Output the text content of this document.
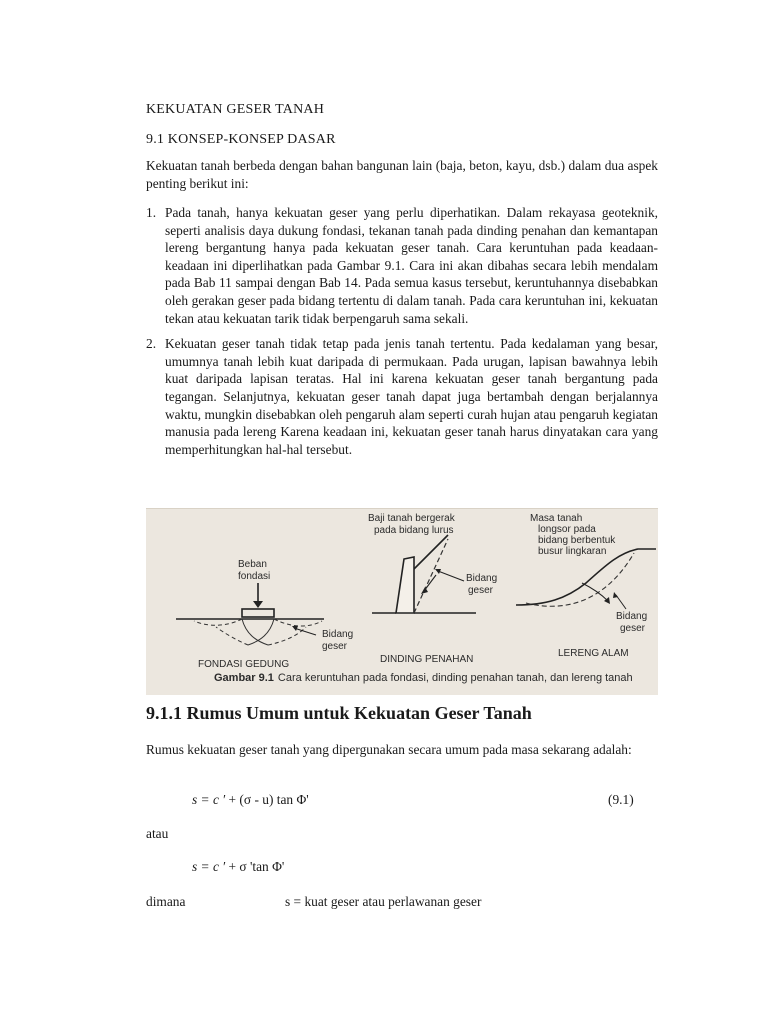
KEKUATAN GESER TANAH
9.1 KONSEP-KONSEP DASAR
Kekuatan tanah berbeda dengan bahan bangunan lain (baja, beton, kayu, dsb.) dalam dua aspek penting berikut ini:
1. Pada tanah, hanya kekuatan geser yang perlu diperhatikan. Dalam rekayasa geoteknik, seperti analisis daya dukung fondasi, tekanan tanah pada dinding penahan dan kemantapan lereng bergantung hanya pada kekuatan geser tanah. Cara keruntuhan pada keadaan-keadaan ini diperlihatkan pada Gambar 9.1. Cara ini akan dibahas secara lebih mendalam pada Bab 11 sampai dengan Bab 14. Pada semua kasus tersebut, keruntuhannya disebabkan oleh gerakan geser pada bidang tertentu di dalam tanah. Pada cara keruntuhan ini, kekuatan tekan atau kekuatan tarik tidak berpengaruh sama sekali.
2. Kekuatan geser tanah tidak tetap pada jenis tanah tertentu. Pada kedalaman yang besar, umumnya tanah lebih kuat daripada di permukaan. Pada urugan, lapisan bawahnya lebih kuat daripada lapisan teratas. Hal ini karena kekuatan geser tanah bergantung pada tegangan. Selanjutnya, kekuatan geser tanah dapat juga bertambah dengan berjalannya waktu, mungkin disebabkan oleh pengaruh alam seperti curah hujan atau pengaruh kegiatan manusia pada lereng Karena keadaan ini, kekuatan geser tanah harus dinyatakan cara yang memperhitungkan hal-hal tersebut.
Beban
fondasi
Bidang
geser
FONDASI GEDUNG
Baji tanah bergerak
pada bidang lurus
Bidang
geser
DINDING PENAHAN
Masa tanah
longsor pada
bidang berbentuk
busur lingkaran
Bidang
geser
LERENG ALAM
Gambar 9.1 Cara keruntuhan pada fondasi, dinding penahan tanah, dan lereng tanah
9.1.1 Rumus Umum untuk Kekuatan Geser Tanah
Rumus kekuatan geser tanah yang dipergunakan secara umum pada masa sekarang adalah:
s = c ′ + (σ - u) tan Φ'	(9.1)
atau
s = c ′ + σ 'tan Φ'
dimana	s = kuat geser atau perlawanan geser
